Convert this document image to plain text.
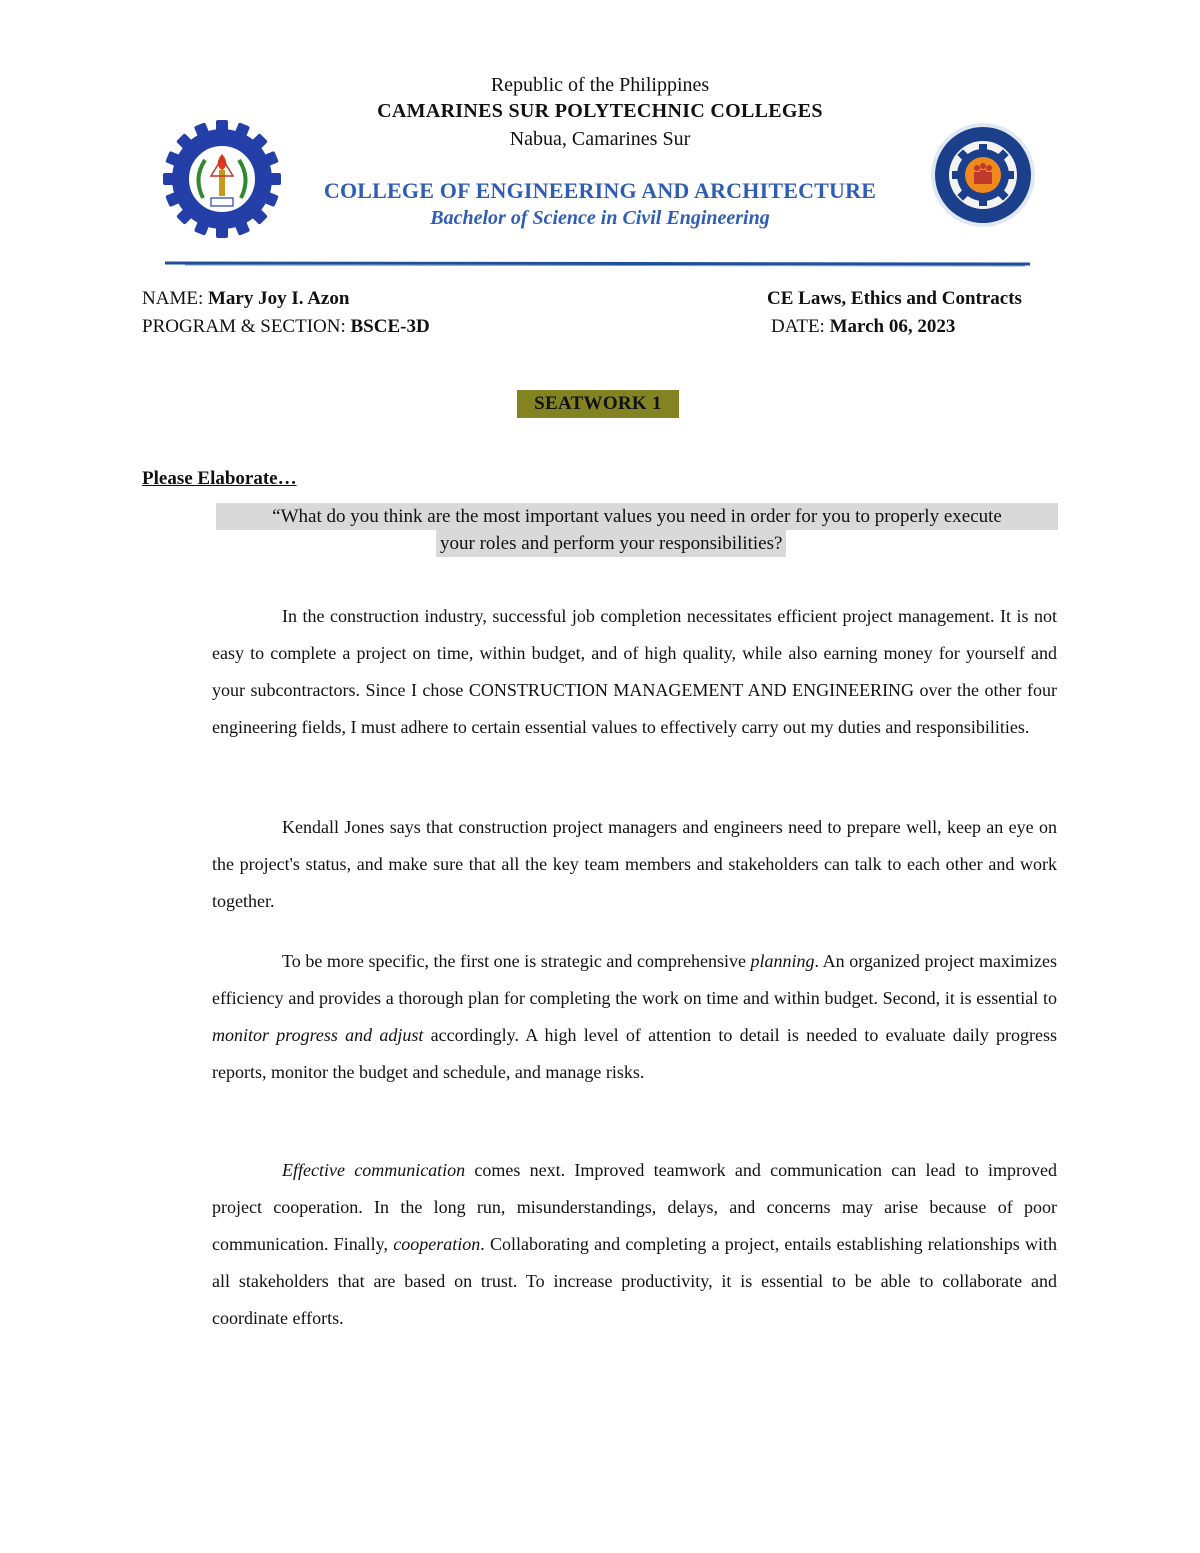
Republic of the Philippines
CAMARINES SUR POLYTECHNIC COLLEGES
Nabua, Camarines Sur
COLLEGE OF ENGINEERING AND ARCHITECTURE
Bachelor of Science in Civil Engineering
NAME: Mary Joy I. Azon	CE Laws, Ethics and Contracts
PROGRAM & SECTION: BSCE-3D	DATE: March 06, 2023
SEATWORK 1
Please Elaborate…
“What do you think are the most important values you need in order for you to properly execute
your roles and perform your responsibilities?

In the construction industry, successful job completion necessitates efficient project management. It is not easy to complete a project on time, within budget, and of high quality, while also earning money for yourself and your subcontractors. Since I chose CONSTRUCTION MANAGEMENT AND ENGINEERING over the other four engineering fields, I must adhere to certain essential values to effectively carry out my duties and responsibilities.

Kendall Jones says that construction project managers and engineers need to prepare well, keep an eye on the project's status, and make sure that all the key team members and stakeholders can talk to each other and work together.

To be more specific, the first one is strategic and comprehensive planning. An organized project maximizes efficiency and provides a thorough plan for completing the work on time and within budget. Second, it is essential to monitor progress and adjust accordingly. A high level of attention to detail is needed to evaluate daily progress reports, monitor the budget and schedule, and manage risks.

Effective communication comes next. Improved teamwork and communication can lead to improved project cooperation. In the long run, misunderstandings, delays, and concerns may arise because of poor communication. Finally, cooperation. Collaborating and completing a project, entails establishing relationships with all stakeholders that are based on trust. To increase productivity, it is essential to be able to collaborate and coordinate efforts.
